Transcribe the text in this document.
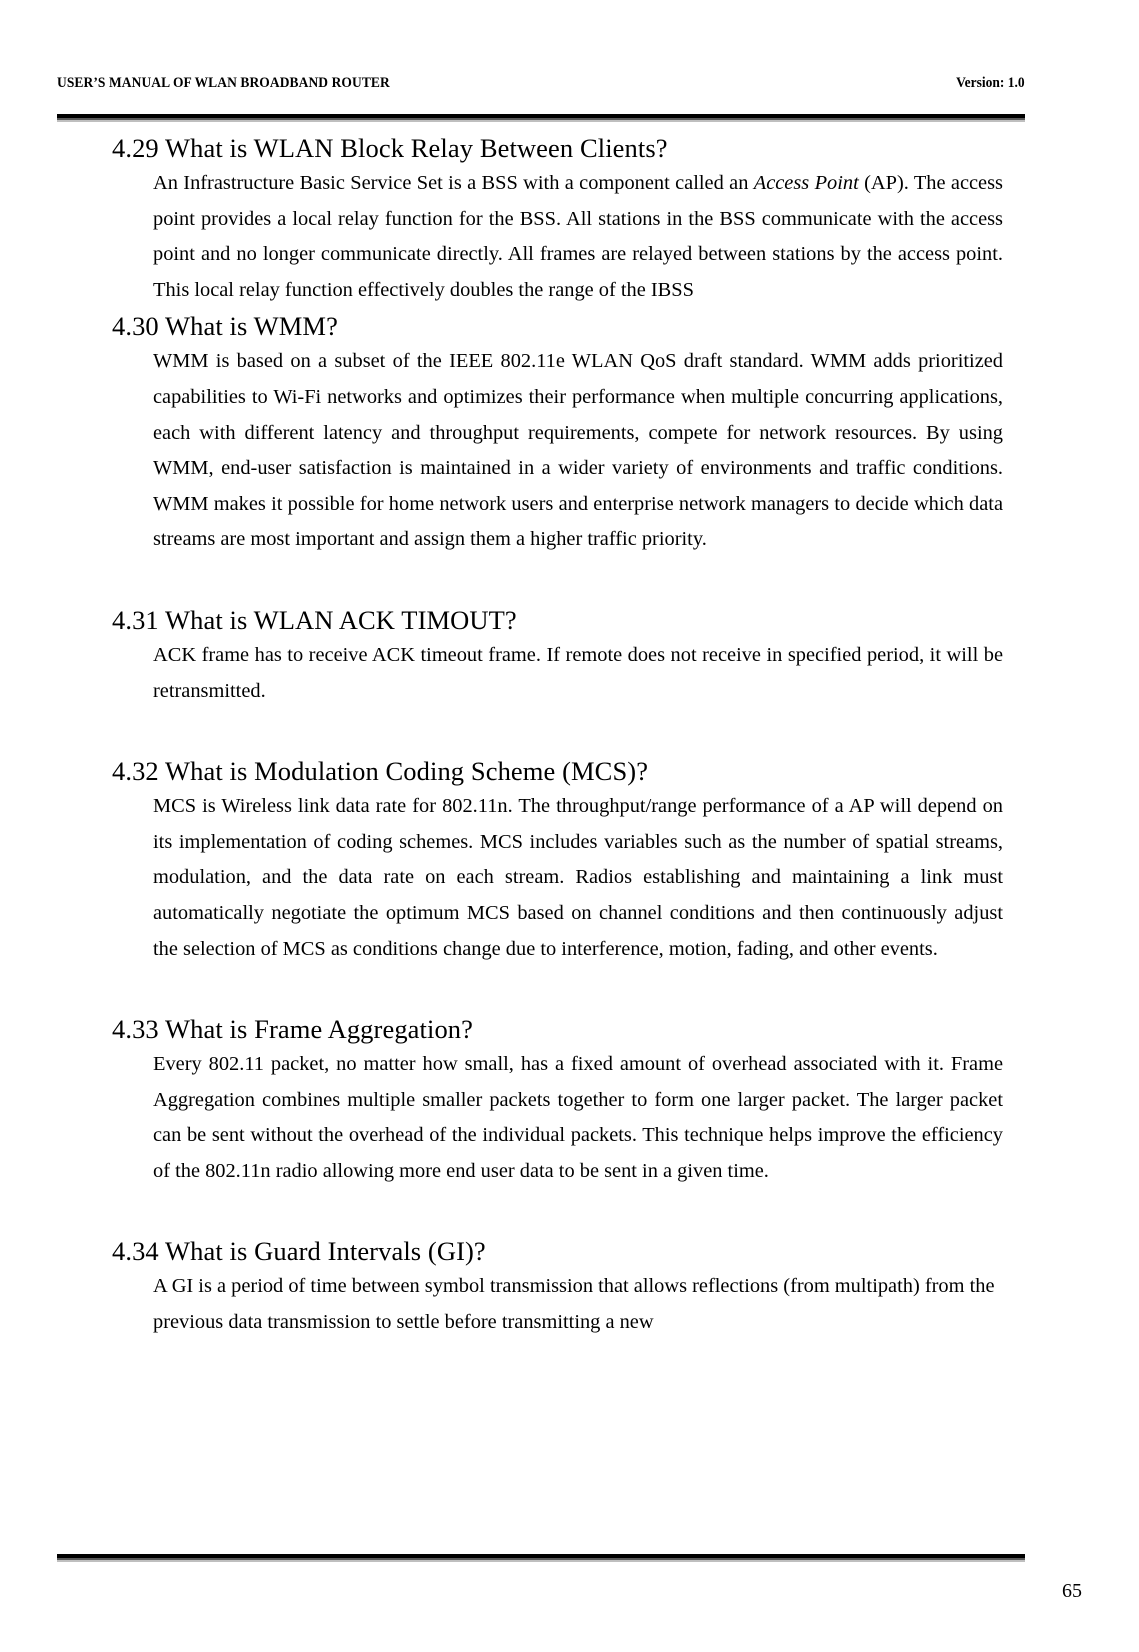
USER’S MANUAL OF WLAN BROADBAND ROUTER	Version: 1.0
4.29 What is WLAN Block Relay Between Clients?

An Infrastructure Basic Service Set is a BSS with a component called an Access Point (AP). The access point provides a local relay function for the BSS. All stations in the BSS communicate with the access point and no longer communicate directly. All frames are relayed between stations by the access point. This local relay function effectively doubles the range of the IBSS

4.30 What is WMM?

WMM is based on a subset of the IEEE 802.11e WLAN QoS draft standard. WMM adds prioritized capabilities to Wi-Fi networks and optimizes their performance when multiple concurring applications, each with different latency and throughput requirements, compete for network resources. By using WMM, end-user satisfaction is maintained in a wider variety of environments and traffic conditions. WMM makes it possible for home network users and enterprise network managers to decide which data streams are most important and assign them a higher traffic priority.

4.31 What is WLAN ACK TIMOUT?

ACK frame has to receive ACK timeout frame. If remote does not receive in specified period, it will be retransmitted.

4.32 What is Modulation Coding Scheme (MCS)?

MCS is Wireless link data rate for 802.11n. The throughput/range performance of a AP will depend on its implementation of coding schemes. MCS includes variables such as the number of spatial streams, modulation, and the data rate on each stream. Radios establishing and maintaining a link must automatically negotiate the optimum MCS based on channel conditions and then continuously adjust the selection of MCS as conditions change due to interference, motion, fading, and other events.

4.33 What is Frame Aggregation?

Every 802.11 packet, no matter how small, has a fixed amount of overhead associated with it. Frame Aggregation combines multiple smaller packets together to form one larger packet. The larger packet can be sent without the overhead of the individual packets. This technique helps improve the efficiency of the 802.11n radio allowing more end user data to be sent in a given time.

4.34 What is Guard Intervals (GI)?

A GI is a period of time between symbol transmission that allows reflections (from multipath) from the previous data transmission to settle before transmitting a new

65
